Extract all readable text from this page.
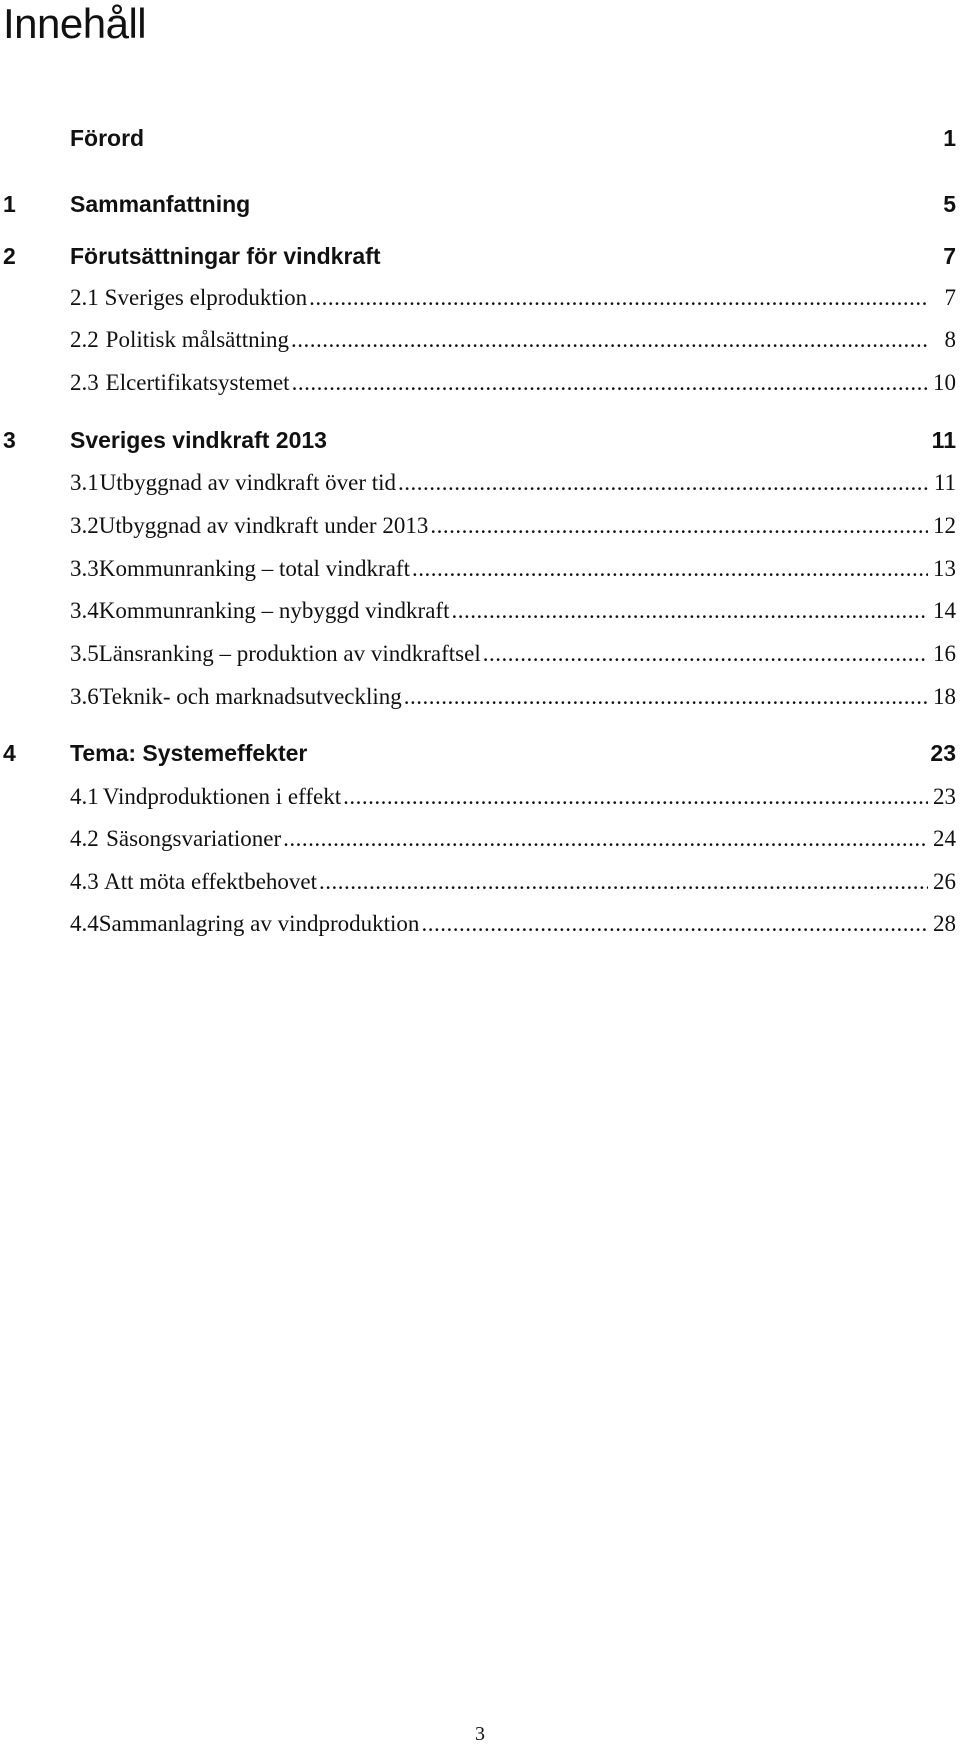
Innehåll
Förord	1
1	Sammanfattning	5
2	Förutsättningar för vindkraft	7
2.1 Sveriges elproduktion .....	7
2.2 Politisk målsättning .....	8
2.3 Elcertifikatsystemet .....	10
3	Sveriges vindkraft 2013	11
3.1 Utbyggnad av vindkraft över tid .....	11
3.2 Utbyggnad av vindkraft under 2013 .....	12
3.3 Kommunranking – total vindkraft .....	13
3.4 Kommunranking – nybyggd vindkraft .....	14
3.5 Länsranking – produktion av vindkraftsel .....	16
3.6 Teknik- och marknadsutveckling .....	18
4	Tema: Systemeffekter	23
4.1 Vindproduktionen i effekt .....	23
4.2 Säsongsvariationer .....	24
4.3 Att möta effektbehovet .....	26
4.4 Sammanlagring av vindproduktion .....	28
3
